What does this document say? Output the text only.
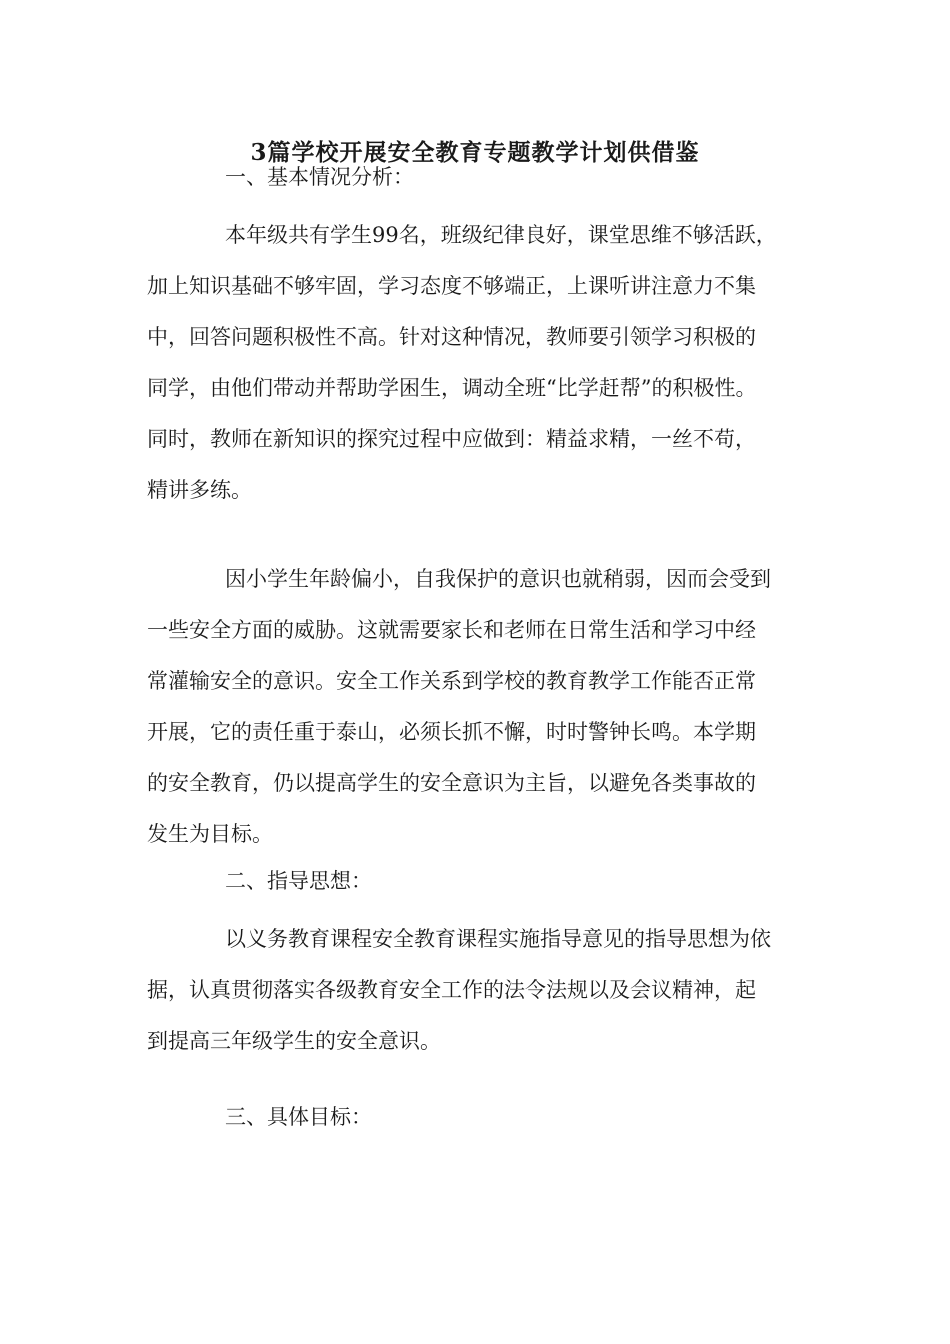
3篇学校开展安全教育专题教学计划供借鉴
一、基本情况分析：
本年级共有学生99名，班级纪律良好，课堂思维不够活跃，
加上知识基础不够牢固，学习态度不够端正，上课听讲注意力不集
中，回答问题积极性不高。针对这种情况，教师要引领学习积极的
同学，由他们带动并帮助学困生，调动全班“比学赶帮”的积极性。
同时，教师在新知识的探究过程中应做到：精益求精，一丝不苟，
精讲多练。
因小学生年龄偏小，自我保护的意识也就稍弱，因而会受到
一些安全方面的威胁。这就需要家长和老师在日常生活和学习中经
常灌输安全的意识。安全工作关系到学校的教育教学工作能否正常
开展，它的责任重于泰山，必须长抓不懈，时时警钟长鸣。本学期
的安全教育，仍以提高学生的安全意识为主旨，以避免各类事故的
发生为目标。
二、指导思想：
以义务教育课程安全教育课程实施指导意见的指导思想为依
据，认真贯彻落实各级教育安全工作的法令法规以及会议精神，起
到提高三年级学生的安全意识。
三、具体目标：
